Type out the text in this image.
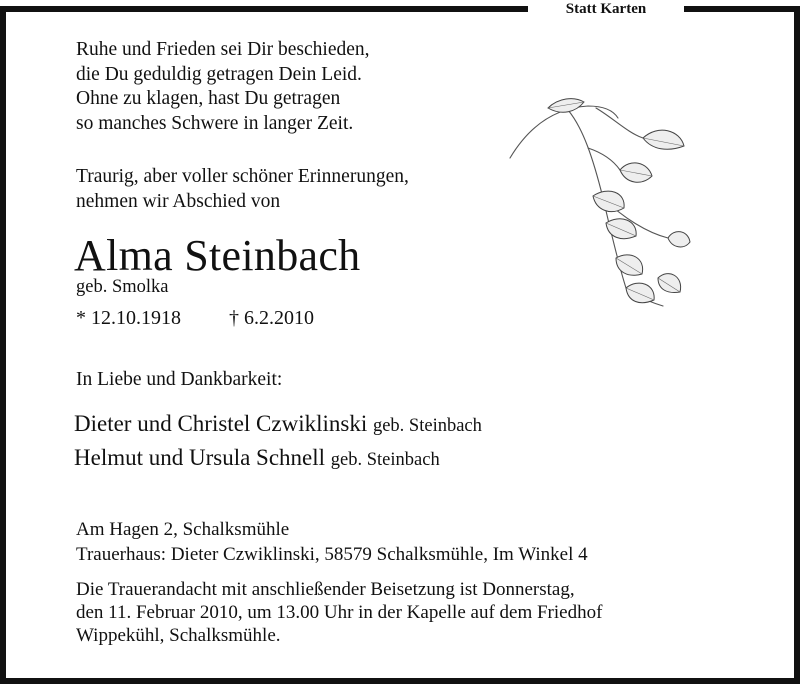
Statt Karten

Ruhe und Frieden sei Dir beschieden,
die Du geduldig getragen Dein Leid.
Ohne zu klagen, hast Du getragen
so manches Schwere in langer Zeit.

Traurig, aber voller schöner Erinnerungen,
nehmen wir Abschied von

Alma Steinbach
geb. Smolka
* 12.10.1918 † 6.2.2010
In Liebe und Dankbarkeit:
Dieter und Christel Czwiklinski geb. Steinbach
Helmut und Ursula Schnell geb. Steinbach

Am Hagen 2, Schalksmühle
Trauerhaus: Dieter Czwiklinski, 58579 Schalksmühle, Im Winkel 4

Die Trauerandacht mit anschließender Beisetzung ist Donnerstag,
den 11. Februar 2010, um 13.00 Uhr in der Kapelle auf dem Friedhof
Wippekühl, Schalksmühle.
